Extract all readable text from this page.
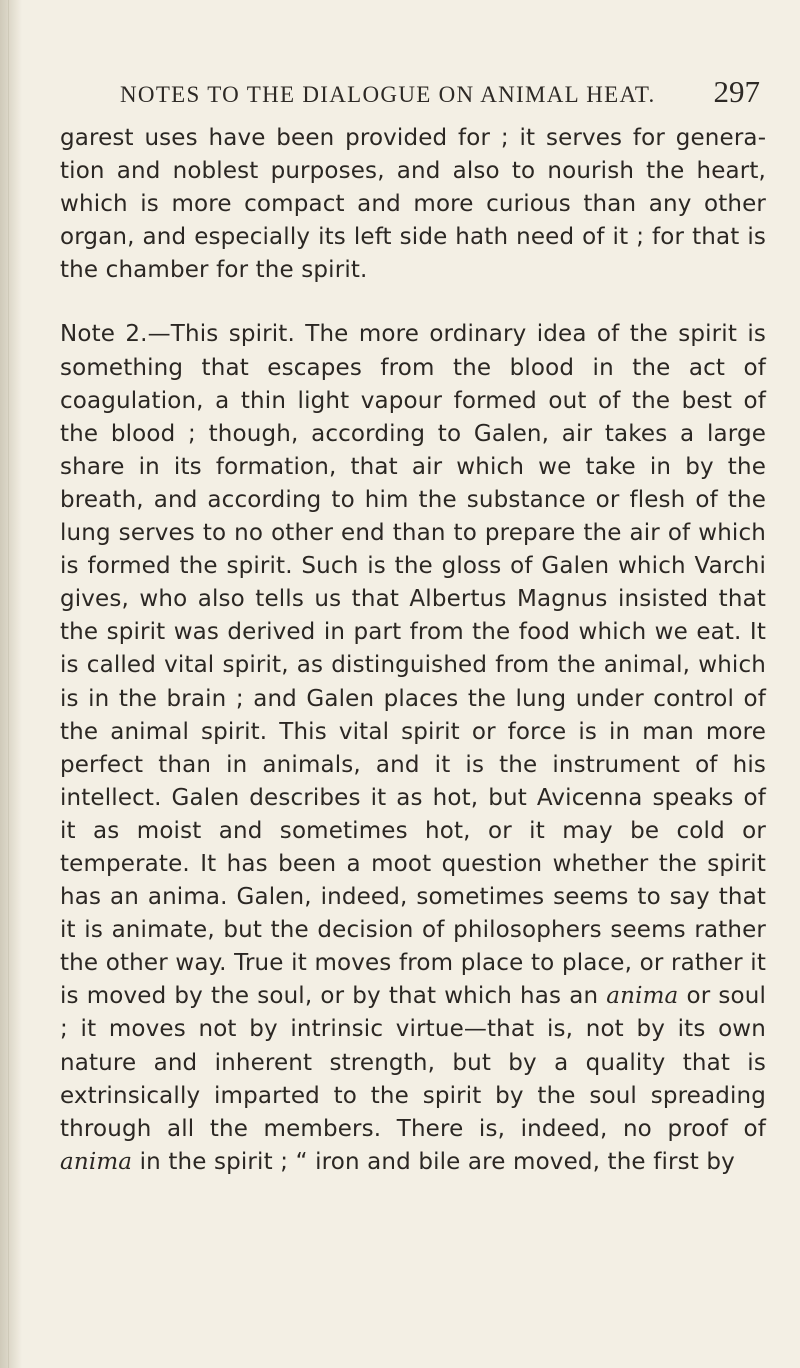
NOTES TO THE DIALOGUE ON ANIMAL HEAT. 297

garest uses have been provided for ; it serves for generation and noblest purposes, and also to nourish the heart, which is more compact and more curious than any other organ, and especially its left side hath need of it ; for that is the chamber for the spirit.

Note 2.—This spirit. The more ordinary idea of the spirit is something that escapes from the blood in the act of coagulation, a thin light vapour formed out of the best of the blood ; though, according to Galen, air takes a large share in its formation, that air which we take in by the breath, and according to him the substance or flesh of the lung serves to no other end than to prepare the air of which is formed the spirit. Such is the gloss of Galen which Varchi gives, who also tells us that Albertus Magnus insisted that the spirit was derived in part from the food which we eat. It is called vital spirit, as distinguished from the animal, which is in the brain ; and Galen places the lung under control of the animal spirit. This vital spirit or force is in man more perfect than in animals, and it is the instrument of his intellect. Galen describes it as hot, but Avicenna speaks of it as moist and sometimes hot, or it may be cold or temperate. It has been a moot question whether the spirit has an anima. Galen, indeed, sometimes seems to say that it is animate, but the decision of philosophers seems rather the other way. True it moves from place to place, or rather it is moved by the soul, or by that which has an anima or soul ; it moves not by intrinsic virtue—that is, not by its own nature and inherent strength, but by a quality that is extrinsically imparted to the spirit by the soul spreading through all the members. There is, indeed, no proof of anima in the spirit ; “ iron and bile are moved, the first by
